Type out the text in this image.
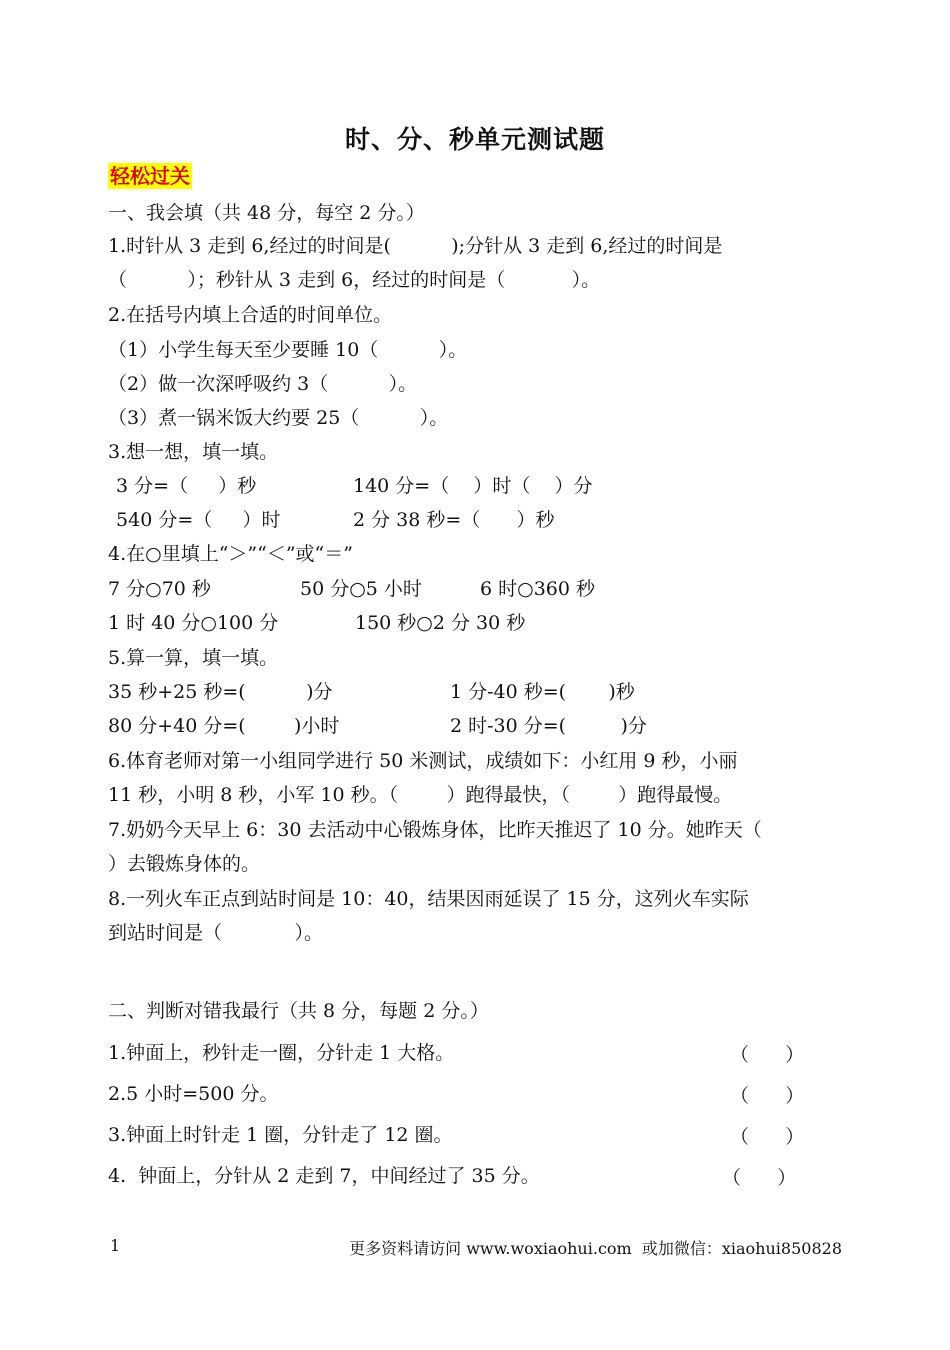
时、分、秒单元测试题
轻松过关
一、我会填（共 48 分，每空 2 分。）
1.时针从 3 走到 6,经过的时间是(          );分针从 3 走到 6,经过的时间是
（          ）；秒针从 3 走到 6，经过的时间是（           ）。
2.在括号内填上合适的时间单位。
（1）小学生每天至少要睡 10（          ）。
（2）做一次深呼吸约 3（          ）。
（3）煮一锅米饭大约要 25（          ）。
3.想一想，填一填。
3 分=（     ）秒	140 分=（    ）时（    ）分
540 分=（     ）时	2 分 38 秒=（      ）秒
4.在○里填上“＞”“＜”或“＝”
7 分○70 秒	50 分○5 小时	6 时○360 秒
1 时 40 分○100 分	150 秒○2 分 30 秒
5.算一算，填一填。
35 秒+25 秒=(          )分	1 分-40 秒=(       )秒
80 分+40 分=(        )小时	2 时-30 分=(         )分
6.体育老师对第一小组同学进行 50 米测试，成绩如下：小红用 9 秒，小丽
11 秒，小明 8 秒，小军 10 秒。（        ）跑得最快，（        ）跑得最慢。
7.奶奶今天早上 6：30 去活动中心锻炼身体，比昨天推迟了 10 分。她昨天（
）去锻炼身体的。
8.一列火车正点到站时间是 10：40，结果因雨延误了 15 分，这列火车实际
到站时间是（            ）。
二、判断对错我最行（共 8 分，每题 2 分。）
1.钟面上，秒针走一圈，分针走 1 大格。	（      ）
2.5 小时=500 分。	（      ）
3.钟面上时针走 1 圈，分针走了 12 圈。	（      ）
4.  钟面上，分针从 2 走到 7，中间经过了 35 分。	（      ）
1	更多资料请访问 www.woxiaohui.com  或加微信：xiaohui850828
